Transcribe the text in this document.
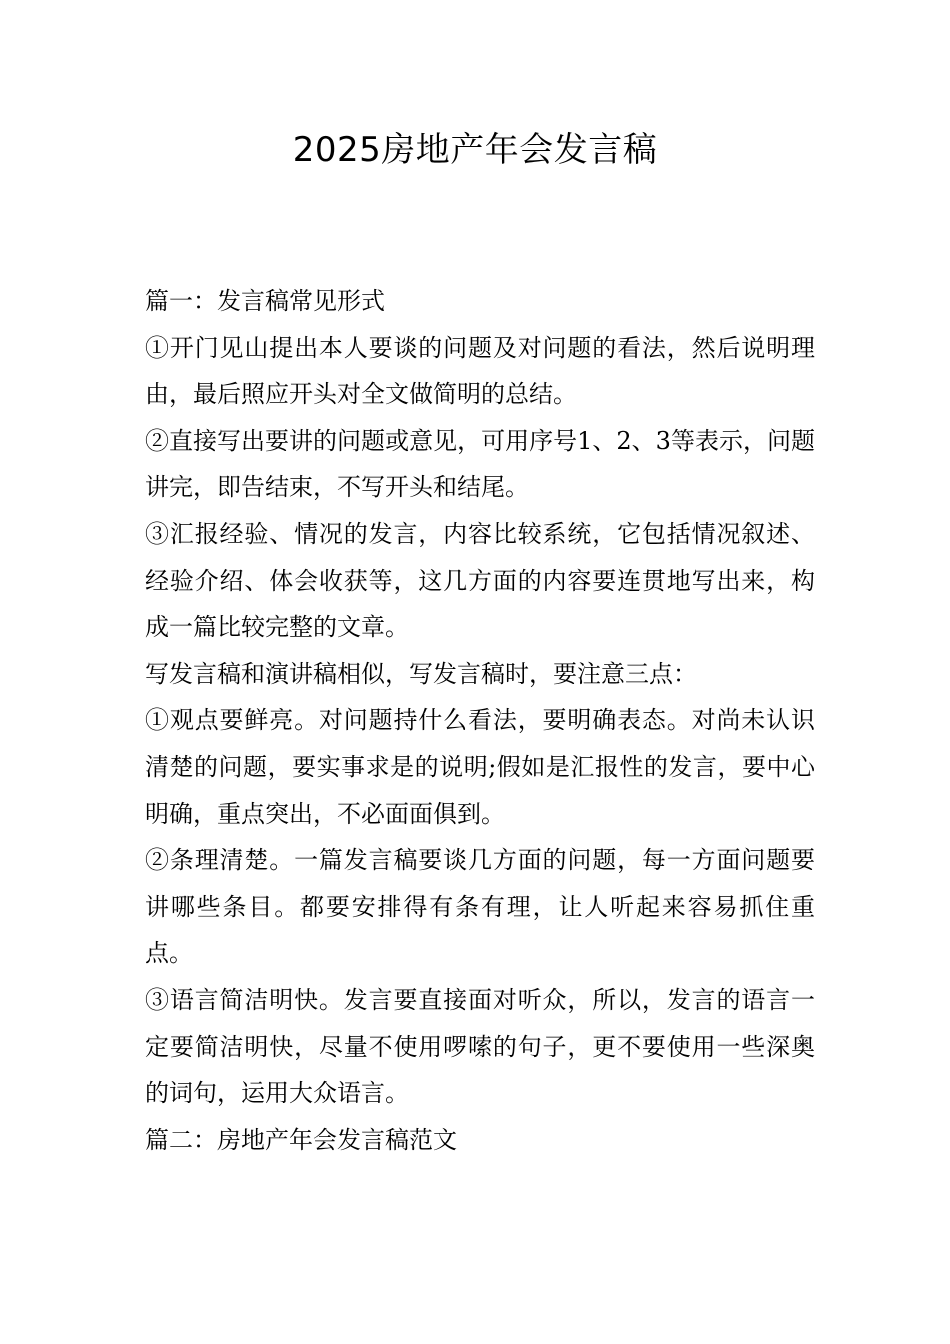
2025房地产年会发言稿

篇一：发言稿常见形式

①开门见山提出本人要谈的问题及对问题的看法，然后说明理由，最后照应开头对全文做简明的总结。

②直接写出要讲的问题或意见，可用序号1、2、3等表示，问题讲完，即告结束，不写开头和结尾。

③汇报经验、情况的发言，内容比较系统，它包括情况叙述、经验介绍、体会收获等，这几方面的内容要连贯地写出来，构成一篇比较完整的文章。

写发言稿和演讲稿相似，写发言稿时，要注意三点：

①观点要鲜亮。对问题持什么看法，要明确表态。对尚未认识清楚的问题，要实事求是的说明;假如是汇报性的发言，要中心明确，重点突出，不必面面俱到。

②条理清楚。一篇发言稿要谈几方面的问题，每一方面问题要讲哪些条目。都要安排得有条有理，让人听起来容易抓住重点。

③语言简洁明快。发言要直接面对听众，所以，发言的语言一定要简洁明快，尽量不使用啰嗦的句子，更不要使用一些深奥的词句，运用大众语言。

篇二：房地产年会发言稿范文
